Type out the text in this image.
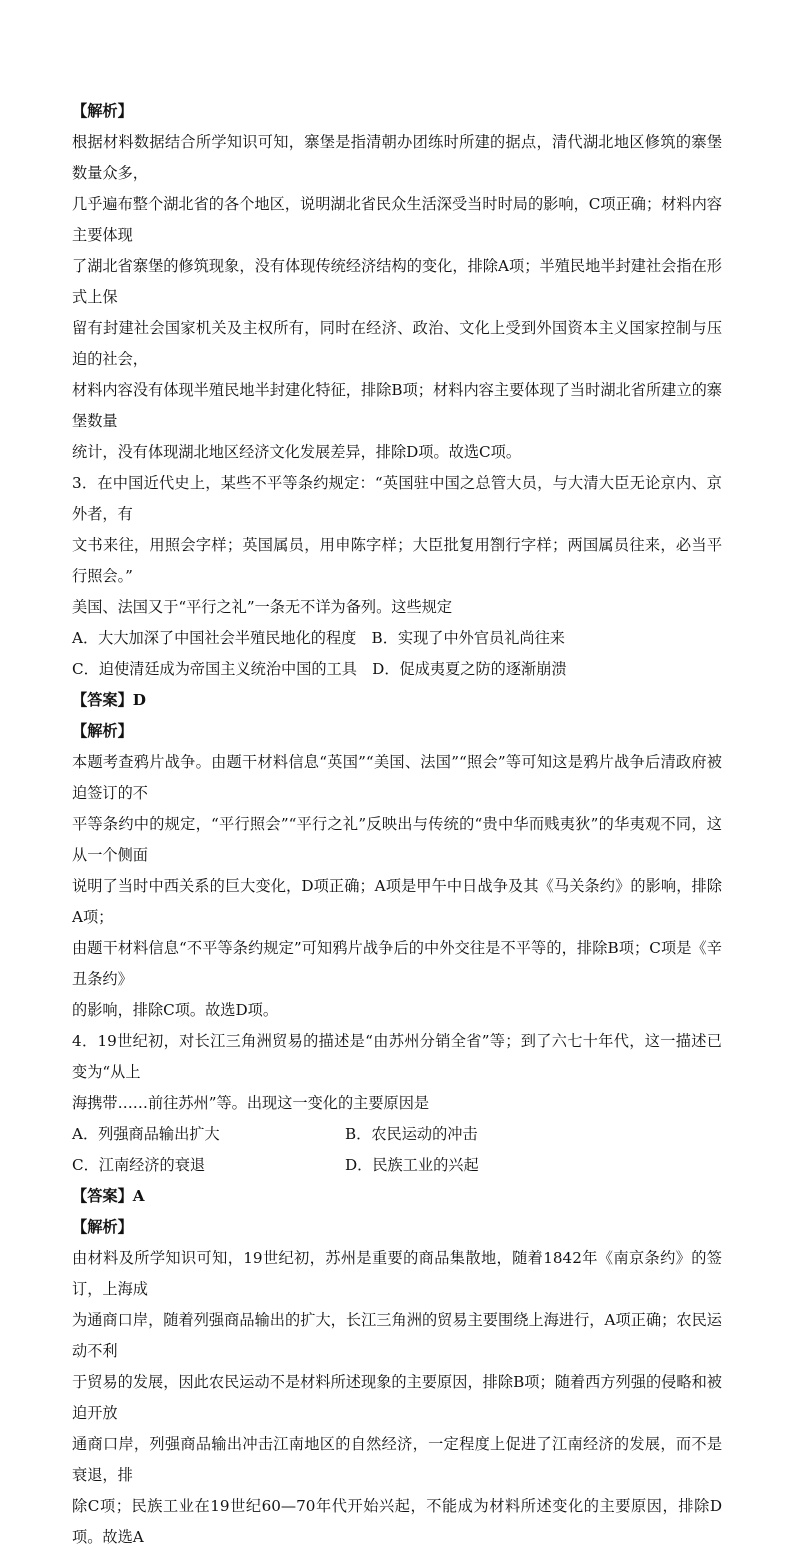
【解析】

根据材料数据结合所学知识可知，寨堡是指清朝办团练时所建的据点，清代湖北地区修筑的寨堡数量众多，

几乎遍布整个湖北省的各个地区，说明湖北省民众生活深受当时时局的影响，C项正确；材料内容主要体现

了湖北省寨堡的修筑现象，没有体现传统经济结构的变化，排除A项；半殖民地半封建社会指在形式上保

留有封建社会国家机关及主权所有，同时在经济、政治、文化上受到外国资本主义国家控制与压迫的社会，

材料内容没有体现半殖民地半封建化特征，排除B项；材料内容主要体现了当时湖北省所建立的寨堡数量

统计，没有体现湖北地区经济文化发展差异，排除D项。故选C项。

3．在中国近代史上，某些不平等条约规定：“英国驻中国之总管大员，与大清大臣无论京内、京外者，有

文书来往，用照会字样；英国属员，用申陈字样；大臣批复用劄行字样；两国属员往来，必当平行照会。”

美国、法国又于“平行之礼”一条无不详为备列。这些规定

A．大大加深了中国社会半殖民地化的程度　B．实现了中外官员礼尚往来

C．迫使清廷成为帝国主义统治中国的工具　D．促成夷夏之防的逐渐崩溃

【答案】D

【解析】

本题考查鸦片战争。由题干材料信息“英国”“美国、法国”“照会”等可知这是鸦片战争后清政府被迫签订的不

平等条约中的规定，“平行照会”“平行之礼”反映出与传统的“贵中华而贱夷狄”的华夷观不同，这从一个侧面

说明了当时中西关系的巨大变化，D项正确；A项是甲午中日战争及其《马关条约》的影响，排除A项；

由题干材料信息“不平等条约规定”可知鸦片战争后的中外交往是不平等的，排除B项；C项是《辛丑条约》

的影响，排除C项。故选D项。

4．19世纪初，对长江三角洲贸易的描述是“由苏州分销全省”等；到了六七十年代，这一描述已变为“从上

海携带……前往苏州”等。出现这一变化的主要原因是

A．列强商品输出扩大	B．农民运动的冲击
C．江南经济的衰退	D．民族工业的兴起

【答案】A

【解析】

由材料及所学知识可知，19世纪初，苏州是重要的商品集散地，随着1842年《南京条约》的签订，上海成

为通商口岸，随着列强商品输出的扩大，长江三角洲的贸易主要围绕上海进行，A项正确；农民运动不利

于贸易的发展，因此农民运动不是材料所述现象的主要原因，排除B项；随着西方列强的侵略和被迫开放

通商口岸，列强商品输出冲击江南地区的自然经济，一定程度上促进了江南经济的发展，而不是衰退，排

除C项；民族工业在19世纪60—70年代开始兴起，不能成为材料所述变化的主要原因，排除D项。故选A
